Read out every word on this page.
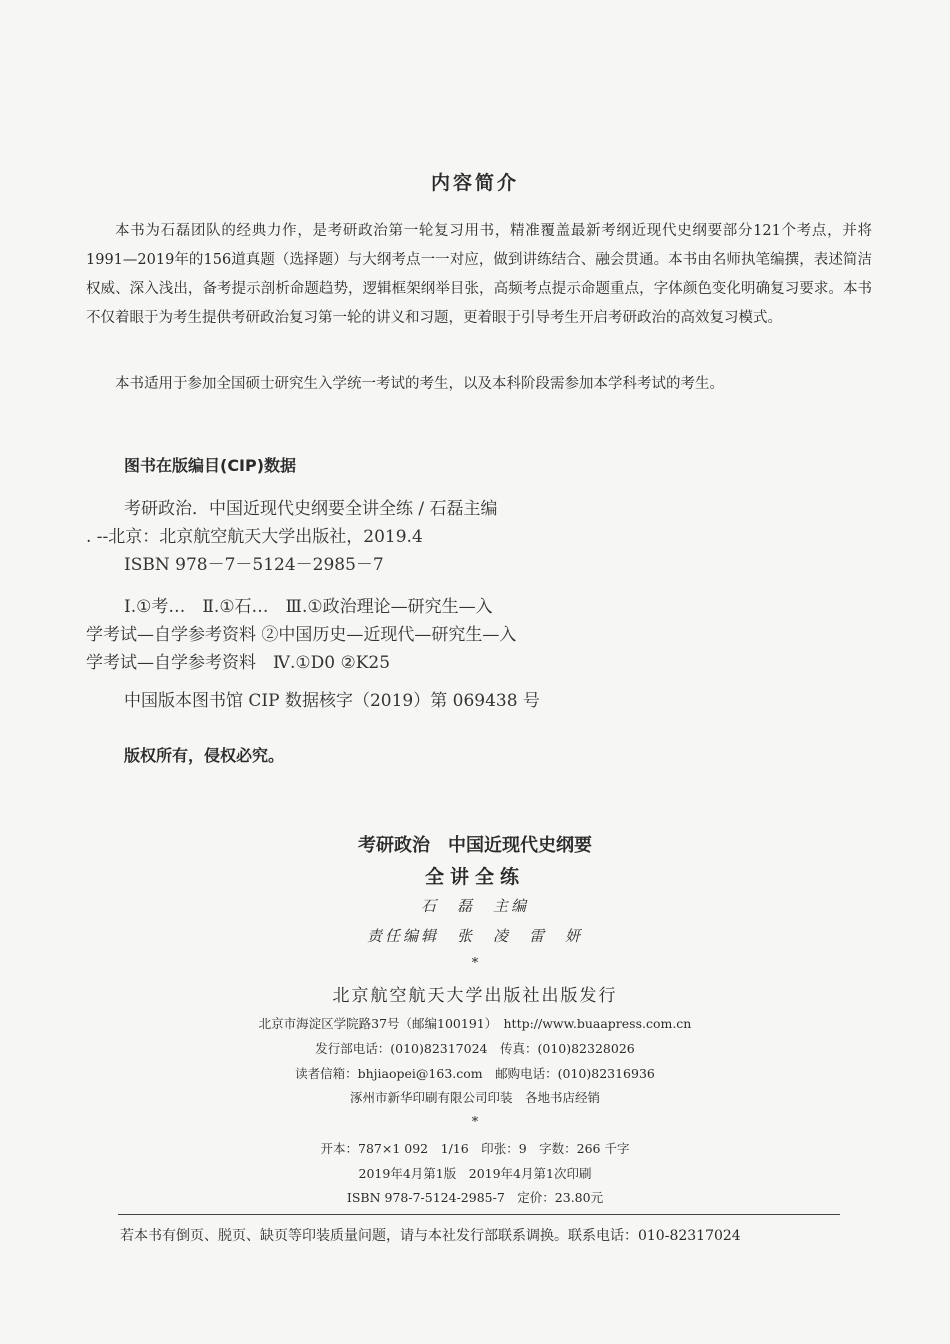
内容简介

本书为石磊团队的经典力作，是考研政治第一轮复习用书，精准覆盖最新考纲近现代史纲要部分121个考点，并将1991—2019年的156道真题（选择题）与大纲考点一一对应，做到讲练结合、融会贯通。本书由名师执笔编撰，表述简洁权威、深入浅出，备考提示剖析命题趋势，逻辑框架纲举目张，高频考点提示命题重点，字体颜色变化明确复习要求。本书不仅着眼于为考生提供考研政治复习第一轮的讲义和习题，更着眼于引导考生开启考研政治的高效复习模式。

本书适用于参加全国硕士研究生入学统一考试的考生，以及本科阶段需参加本学科考试的考生。

图书在版编目(CIP)数据
考研政治．中国近现代史纲要全讲全练 / 石磊主编
. --北京：北京航空航天大学出版社，2019.4
ISBN 978－7－5124－2985－7
Ⅰ.①考…　Ⅱ.①石…　Ⅲ.①政治理论—研究生—入
学考试—自学参考资料 ②中国历史—近现代—研究生—入
学考试—自学参考资料　Ⅳ.①D0 ②K25
中国版本图书馆 CIP 数据核字（2019）第 069438 号
版权所有，侵权必究。
考研政治　中国近现代史纲要
全讲全练
石　磊　主编
责任编辑　张　凌　雷　妍
*
北京航空航天大学出版社出版发行
北京市海淀区学院路37号（邮编100191）　http://www.buaapress.com.cn
发行部电话：(010)82317024　传真：(010)82328026
读者信箱：bhjiaopei@163.com　邮购电话：(010)82316936
涿州市新华印刷有限公司印装　各地书店经销
*
开本：787×1 092　1/16　印张：9　字数：266 千字
2019年4月第1版　2019年4月第1次印刷
ISBN 978-7-5124-2985-7　定价：23.80元
若本书有倒页、脱页、缺页等印装质量问题，请与本社发行部联系调换。联系电话：010-82317024
